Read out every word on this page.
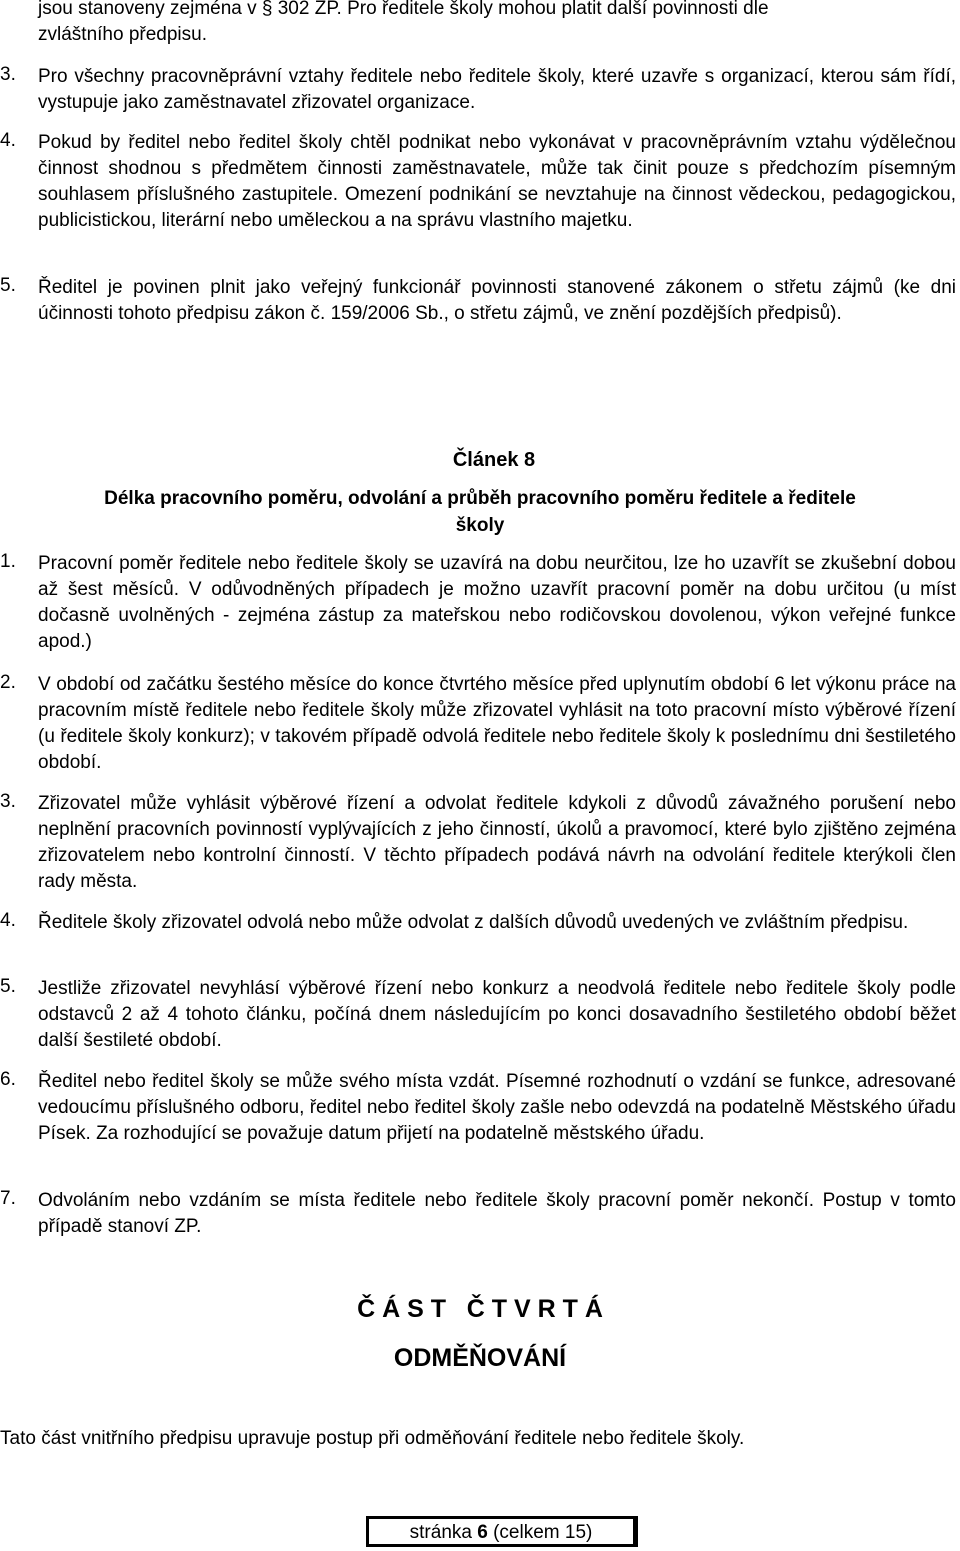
jsou stanoveny zejména v § 302 ZP. Pro ředitele školy mohou platit další povinnosti dle
zvláštního předpisu.

3.	Pro všechny pracovněprávní vztahy ředitele nebo ředitele školy, které uzavře s organizací, kterou sám řídí, vystupuje jako zaměstnavatel zřizovatel organizace.

4.	Pokud by ředitel nebo ředitel školy chtěl podnikat nebo vykonávat v pracovněprávním vztahu výdělečnou činnost shodnou s předmětem činnosti zaměstnavatele, může tak činit pouze s předchozím písemným souhlasem příslušného zastupitele. Omezení podnikání se nevztahuje na činnost vědeckou, pedagogickou, publicistickou, literární nebo uměleckou a na správu vlastního majetku.

5.	Ředitel je povinen plnit jako veřejný funkcionář povinnosti stanovené zákonem o střetu zájmů (ke dni účinnosti tohoto předpisu zákon č. 159/2006 Sb., o střetu zájmů, ve znění pozdějších předpisů).

Článek 8

Délka pracovního poměru, odvolání a průběh pracovního poměru ředitele a ředitele
školy

1.	Pracovní poměr ředitele nebo ředitele školy se uzavírá na dobu neurčitou, lze ho uzavřít se zkušební dobou až šest měsíců. V odůvodněných případech je možno uzavřít pracovní poměr na dobu určitou (u míst dočasně uvolněných - zejména zástup za mateřskou nebo rodičovskou dovolenou, výkon veřejné funkce apod.)

2.	V období od začátku šestého měsíce do konce čtvrtého měsíce před uplynutím období 6 let výkonu práce na pracovním místě ředitele nebo ředitele školy může zřizovatel vyhlásit na toto pracovní místo výběrové řízení (u ředitele školy konkurz); v takovém případě odvolá ředitele nebo ředitele školy k poslednímu dni šestiletého období.

3.	Zřizovatel může vyhlásit výběrové řízení a odvolat ředitele kdykoli z důvodů závažného porušení nebo neplnění pracovních povinností vyplývajících z jeho činností, úkolů a pravomocí, které bylo zjištěno zejména zřizovatelem nebo kontrolní činností. V těchto případech podává návrh na odvolání ředitele kterýkoli člen rady města.

4.	Ředitele školy zřizovatel odvolá nebo může odvolat z dalších důvodů uvedených ve zvláštním předpisu.

5.	Jestliže zřizovatel nevyhlásí výběrové řízení nebo konkurz a neodvolá ředitele nebo ředitele školy podle odstavců 2 až 4 tohoto článku, počíná dnem následujícím po konci dosavadního šestiletého období běžet další šestileté období.

6.	Ředitel nebo ředitel školy se může svého místa vzdát. Písemné rozhodnutí o vzdání se funkce, adresované vedoucímu příslušného odboru, ředitel nebo ředitel školy zašle nebo odevzdá na podatelně Městského úřadu Písek. Za rozhodující se považuje datum přijetí na podatelně městského úřadu.

7.	Odvoláním nebo vzdáním se místa ředitele nebo ředitele školy pracovní poměr nekončí. Postup v tomto případě stanoví ZP.

Č Á S T   Č T V R T Á

ODMĚŇOVÁNÍ

Tato část vnitřního předpisu upravuje postup při odměňování ředitele nebo ředitele školy.

stránka 6 (celkem 15)
